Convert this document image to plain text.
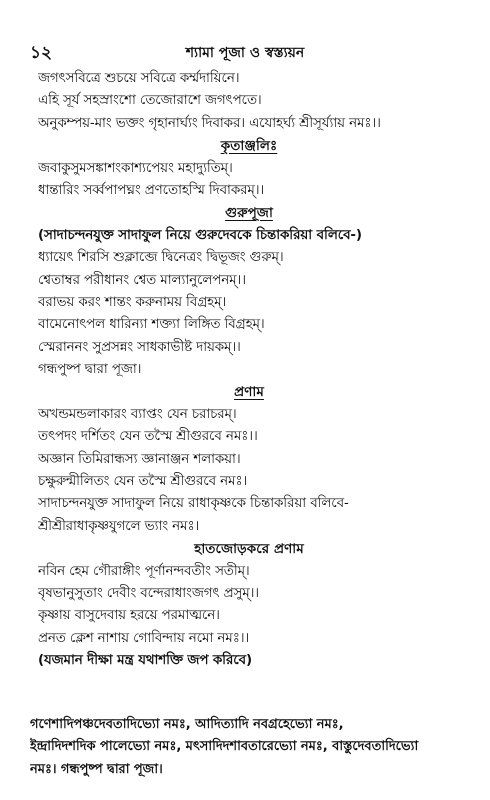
১২	শ্যামা পূজা ও স্বস্ত্যয়ন
জগৎসবিত্রে শুচয়ে সবিত্রে কর্ম্মদায়িনে।
এহি সূর্য সহস্রাংশো তেজোরাশে জগৎপতে।
অনুকম্পয়-মাং ভক্তং গৃহানার্ঘ্যং দিবাকর। এযোহর্ঘ্য শ্রীসূর্য্যায় নমঃ।।
কৃতাঞ্জলিঃ
জবাকুসুমসঙ্কাশংকাশ্যপেয়ং মহাদ্যুতিম্।
ধান্তারিং সর্ব্বপাপঘ্নং প্রণতোহস্মি দিবাকরম্।।
গুরুপূজা
(সাদাচন্দনযুক্ত সাদাফুল নিয়ে গুরুদেবকে চিন্তাকরিয়া বলিবে-)
ধ্যায়েৎ শিরসি শুক্লাব্জে দ্বিনেত্রং দ্বিভূজং গুরুম্।
শ্বেতাম্বর পরীধানং শ্বেত মাল্যানুলেপনম্।।
বরাভয় করং শান্তং করুনাময় বিগ্রহম্।
বামেনোৎপল ধারিন্যা শক্ত্যা লিঙ্গিত বিগ্রহম্।
স্মেরাননং সুপ্রসন্নং সাধকাভীষ্ট দায়কম্।।
গন্ধপুষ্প দ্বারা পূজা।
প্রণাম
অখন্ডমন্ডলাকারং ব্যাপ্তং যেন চরাচরম্।
তৎপদং দর্শিতং যেন তস্মৈ শ্রীগুরবে নমঃ।।
অজ্ঞান তিমিরান্ধস্য জ্ঞানাঞ্জন শলাকয়া।
চক্ষুরুন্মীলিতং যেন তস্মৈ শ্রীগুরবে নমঃ।
সাদাচন্দনযুক্ত সাদাফুল নিয়ে রাধাকৃষ্ণকে চিন্তাকরিয়া বলিবে-
শ্রীশ্রীরাধাকৃষ্ণযুগলে ভ্যাং নমঃ।
হাতজোড়করে প্রণাম
নবিন হেম গৌরাঙ্গীং পূর্ণানন্দবতীং সতীম্।
বৃষভানুসুতাং দেবীং বন্দেরাধাংজগৎ প্রসুম্।।
কৃষ্ণায় বাসুদেবায় হরয়ে পরমাত্মনে।
প্রনত ক্লেশ নাশায় গোবিন্দায় নমো নমঃ।।
(যজমান দীক্ষা মন্ত্র যথাশক্তি জপ করিবে)
গণেশাদিপঞ্চদেবতাদিভ্যো নমঃ, আদিত্যাদি নবগ্রহেভ্যো নমঃ,
ইন্দ্রাদিদশদিক পালেভ্যো নমঃ, মৎসাদিদশাবতারেভ্যো নমঃ, বাস্তুদেবতাদিভ্যো
নমঃ। গন্ধপুষ্প দ্বারা পূজা।
